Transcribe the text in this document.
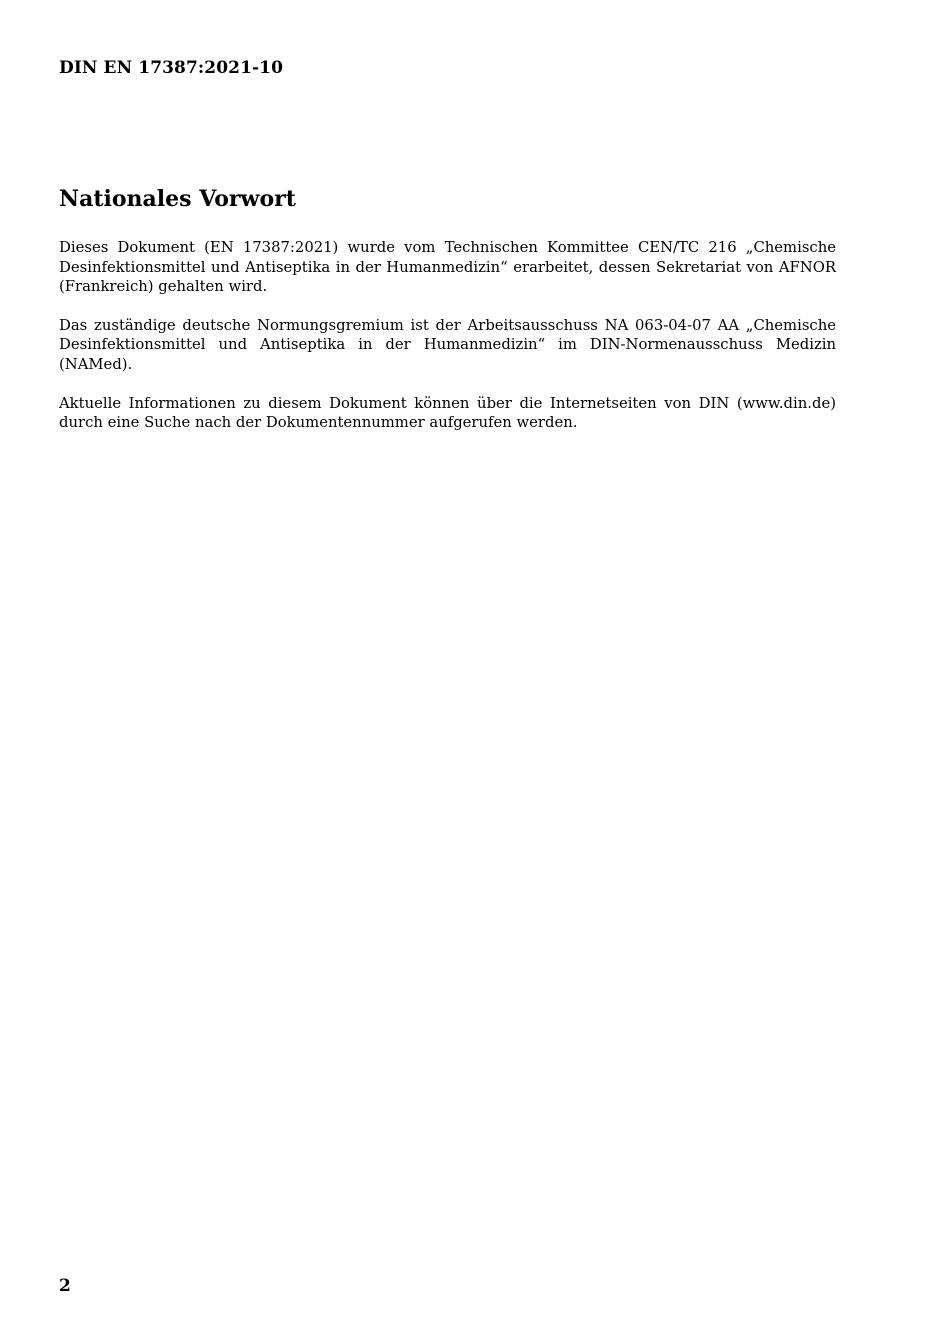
DIN EN 17387:2021-10
Nationales Vorwort

Dieses Dokument (EN 17387:2021) wurde vom Technischen Kommittee CEN/TC 216 „Chemische Desinfektionsmittel und Antiseptika in der Humanmedizin“ erarbeitet, dessen Sekretariat von AFNOR (Frankreich) gehalten wird.

Das zuständige deutsche Normungsgremium ist der Arbeitsausschuss NA 063-04-07 AA „Chemische Desinfektionsmittel und Antiseptika in der Humanmedizin“ im DIN-Normenausschuss Medizin (NAMed).

Aktuelle Informationen zu diesem Dokument können über die Internetseiten von DIN (www.din.de) durch eine Suche nach der Dokumentennummer aufgerufen werden.

2
